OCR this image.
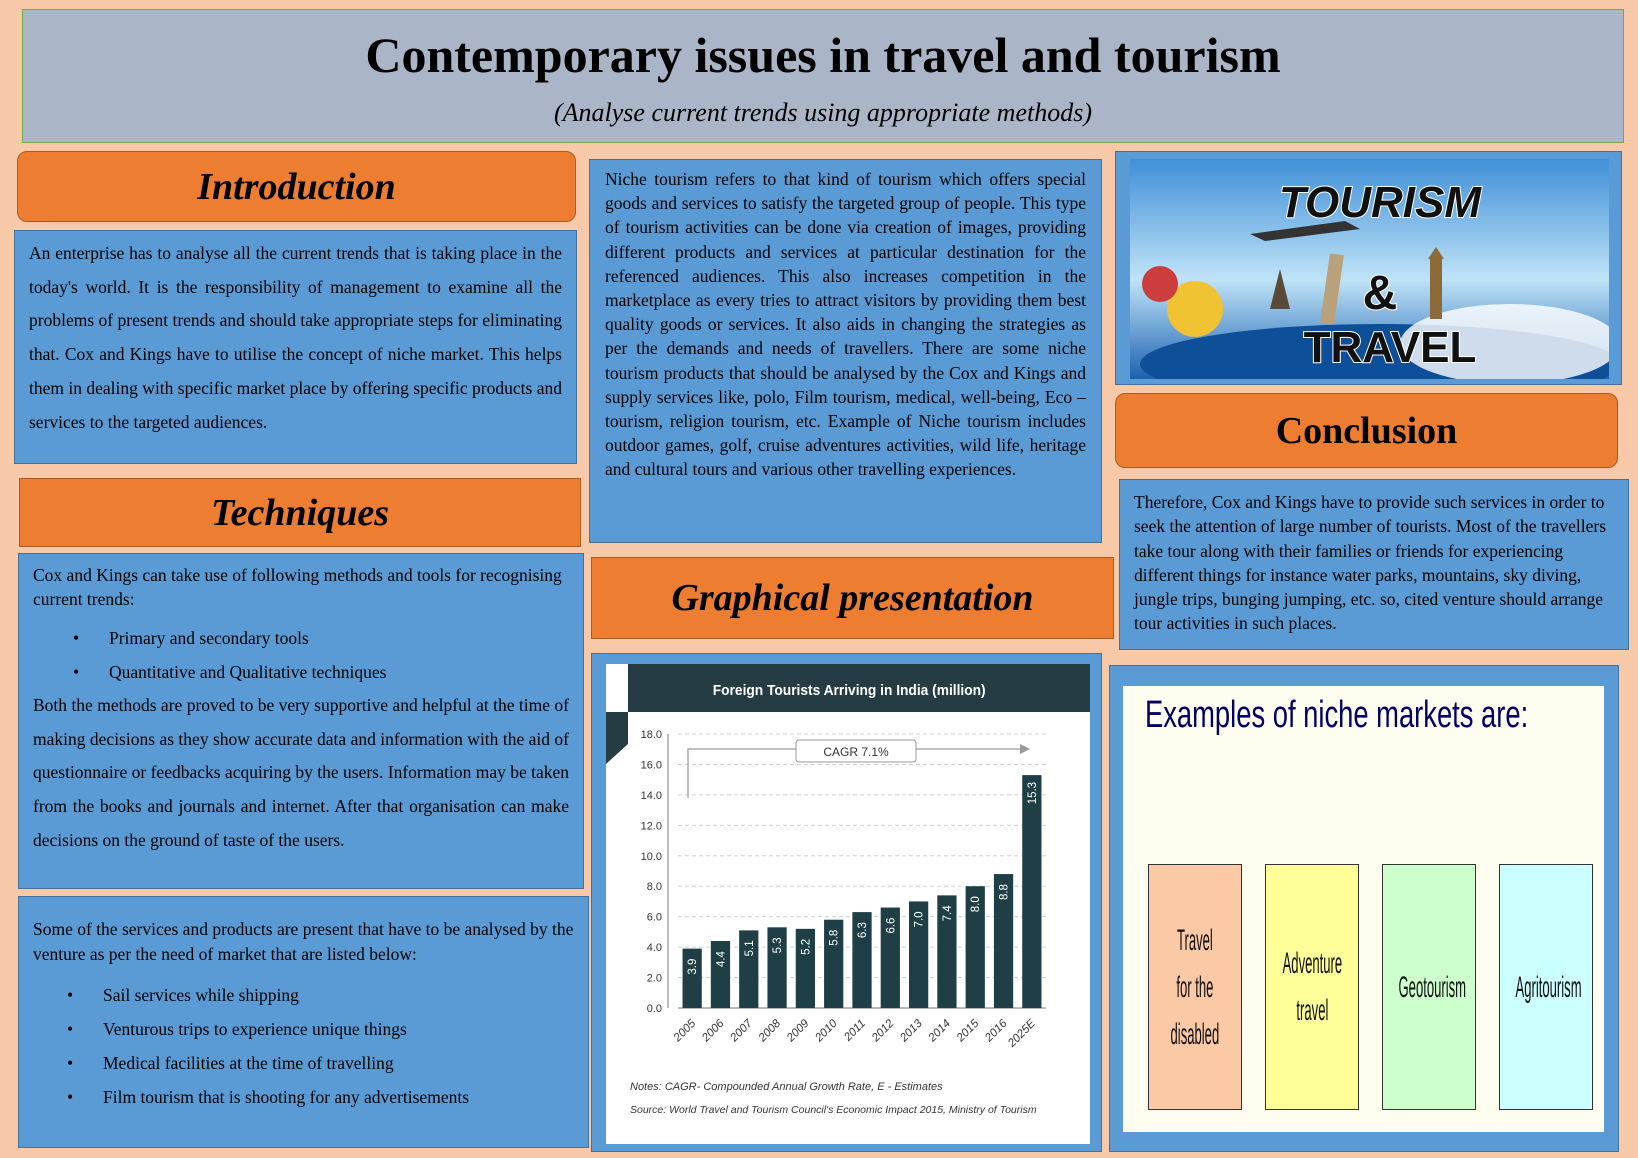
Contemporary issues in travel and tourism

(Analyse current trends using appropriate methods)

Introduction

An enterprise has to analyse all the current trends that is taking place in the today's world. It is the responsibility of management to examine all the problems of present trends and should take appropriate steps for eliminating that. Cox and Kings have to utilise the concept of niche market. This helps them in dealing with specific market place by offering specific products and services to the targeted audiences.

Techniques

Cox and Kings can take use of following methods and tools for recognising current trends:

• Primary and secondary tools
• Quantitative and Qualitative techniques

Both the methods are proved to be very supportive and helpful at the time of making decisions as they show accurate data and information with the aid of questionnaire or feedbacks acquiring by the users. Information may be taken from the books and journals and internet. After that organisation can make decisions on the ground of taste of the users.

Some of the services and products are present that have to be analysed by the venture as per the need of market that are listed below:

• Sail services while shipping
• Venturous trips to experience unique things
• Medical facilities at the time of travelling
• Film tourism that is shooting for any advertisements

Niche tourism refers to that kind of tourism which offers special goods and services to satisfy the targeted group of people. This type of tourism activities can be done via creation of images, providing different products and services at particular destination for the referenced audiences. This also increases competition in the marketplace as every tries to attract visitors by providing them best quality goods or services. It also aids in changing the strategies as per the demands and needs of travellers. There are some niche tourism products that should be analysed by the Cox and Kings and supply services like, polo, Film tourism, medical, well-being, Eco – tourism, religion tourism, etc. Example of Niche tourism includes outdoor games, golf, cruise adventures activities, wild life, heritage and cultural tours and various other travelling experiences.

Graphical presentation
Foreign Tourists Arriving in India (million)
0.0
2.0
4.0
6.0
8.0
10.0
12.0
14.0
16.0
18.0
3.9 4.4
5.1 5.3 5.2
5.8 6.3 6.6 7.0 7.4
8.0
8.8
15.3
2005 2006 2007 2008 2009 2010 2011 2012 2013 2014 2015 2016
2025E
CAGR 7.1%
Notes: CAGR- Compounded Annual Growth Rate, E - Estimates
Source: World Travel and Tourism Council's Economic Impact 2015, Ministry of Tourism
TOURISM
&
TRAVEL
Conclusion

Therefore, Cox and Kings have to provide such services in order to seek the attention of large number of tourists. Most of the travellers take tour along with their families or friends for experiencing different things for instance water parks, mountains, sky diving, jungle trips, bunging jumping, etc. so, cited venture should arrange tour activities in such places.

Examples of niche markets are:
Travel
for the
disabled
Adventure
travel
Geotourism Agritourism
